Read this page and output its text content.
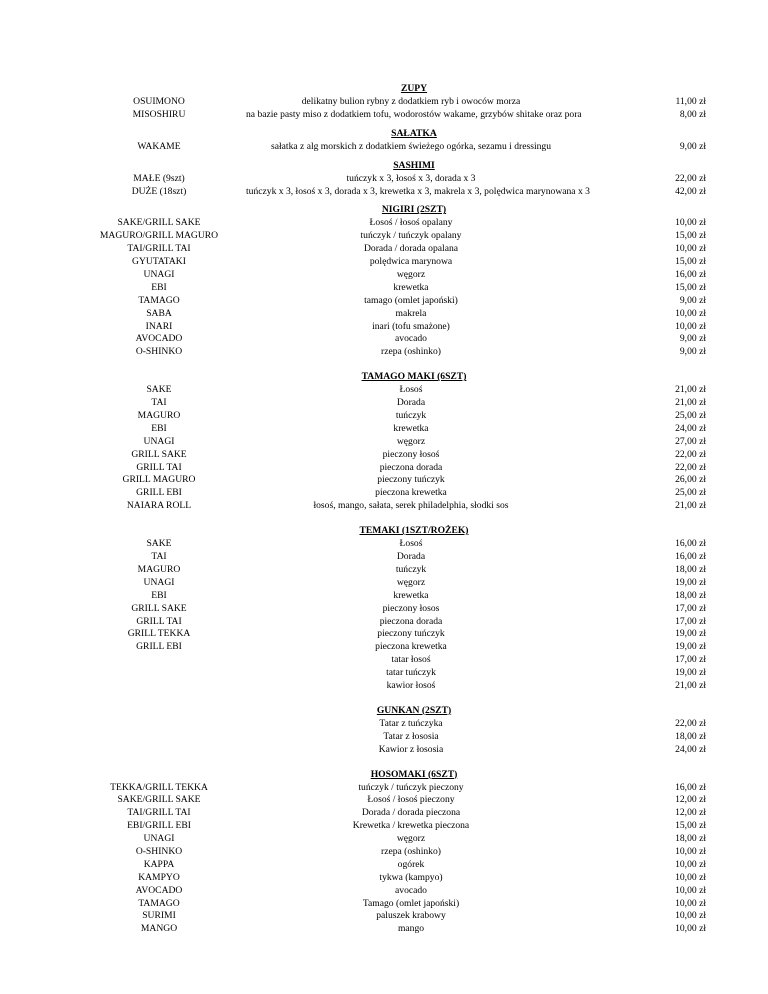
ZUPY
OSUIMONO
MISOSHIRU
delikatny bulion rybny z dodatkiem ryb i owoców morza
na bazie pasty miso z dodatkiem tofu, wodorostów wakame, grzybów shitake oraz pora
11,00 zł
8,00 zł
SAŁATKA
WAKAME	sałatka z alg morskich z dodatkiem świeżego ogórka, sezamu i dressingu	9,00 zł
SASHIMI
MAŁE (9szt)
DUŻE (18szt)
tuńczyk x 3, łosoś x 3, dorada x 3
tuńczyk x 3, łosoś x 3, dorada x 3, krewetka x 3, makrela x 3, polędwica marynowana x 3
22,00 zł
42,00 zł
NIGIRI (2SZT)
SAKE/GRILL SAKE
MAGURO/GRILL MAGURO
TAI/GRILL TAI
GYUTATAKI
UNAGI
EBI
TAMAGO
SABA
INARI
AVOCADO
O-SHINKO
Łosoś / łosoś opalany
tuńczyk / tuńczyk opalany
Dorada / dorada opalana
polędwica marynowa
węgorz
krewetka
tamago (omlet japoński)
makrela
inari (tofu smażone)
avocado
rzepa (oshinko)
10,00 zł
15,00 zł
10,00 zł
15,00 zł
16,00 zł
15,00 zł
9,00 zł
10,00 zł
10,00 zł
9,00 zł
9,00 zł
TAMAGO MAKI (6SZT)
SAKE
TAI
MAGURO
EBI
UNAGI
GRILL SAKE
GRILL TAI
GRILL MAGURO
GRILL EBI
NAIARA ROLL
Łosoś
Dorada
tuńczyk
krewetka
węgorz
pieczony łosoś
pieczona dorada
pieczony tuńczyk
pieczona krewetka
łosoś, mango, sałata, serek philadelphia, słodki sos
21,00 zł
21,00 zł
25,00 zł
24,00 zł
27,00 zł
22,00 zł
22,00 zł
26,00 zł
25,00 zł
21,00 zł
TEMAKI (1SZT/ROŻEK)
SAKE
TAI
MAGURO
UNAGI
EBI
GRILL SAKE
GRILL TAI
GRILL TEKKA
GRILL EBI
Łosoś
Dorada
tuńczyk
węgorz
krewetka
pieczony łosos
pieczona dorada
pieczony tuńczyk
pieczona krewetka
tatar łosoś
tatar tuńczyk
kawior łosoś
16,00 zł
16,00 zł
18,00 zł
19,00 zł
18,00 zł
17,00 zł
17,00 zł
19,00 zł
19,00 zł
17,00 zł
19,00 zł
21,00 zł
GUNKAN (2SZT)
Tatar z tuńczyka
Tatar z łososia
Kawior z łososia
22,00 zł
18,00 zł
24,00 zł
HOSOMAKI (6SZT)
TEKKA/GRILL TEKKA
SAKE/GRILL SAKE
TAI/GRILL TAI
EBI/GRILL EBI
UNAGI
O-SHINKO
KAPPA
KAMPYO
AVOCADO
TAMAGO
SURIMI
MANGO
tuńczyk / tuńczyk pieczony
Łosoś / łosoś pieczony
Dorada / dorada pieczona
Krewetka / krewetka pieczona
węgorz
rzepa (oshinko)
ogórek
tykwa (kampyo)
avocado
Tamago (omlet japoński)
paluszek krabowy
mango
16,00 zł
12,00 zł
12,00 zł
15,00 zł
18,00 zł
10,00 zł
10,00 zł
10,00 zł
10,00 zł
10,00 zł
10,00 zł
10,00 zł
